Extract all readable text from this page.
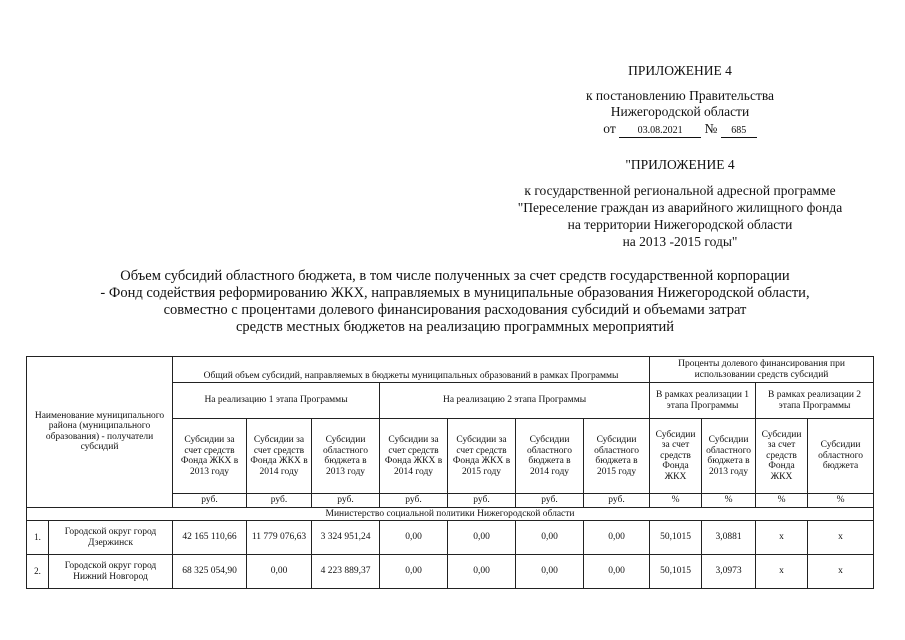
ПРИЛОЖЕНИЕ 4
к постановлению Правительства
Нижегородской области
от 03.08.2021 № 685
"ПРИЛОЖЕНИЕ 4
к государственной региональной адресной программе
"Переселение граждан из аварийного жилищного фонда
на территории Нижегородской области
на 2013 -2015 годы"
Объем субсидий областного бюджета, в том числе полученных за счет средств государственной корпорации
- Фонд содействия реформированию ЖКХ, направляемых в муниципальные образования Нижегородской области,
совместно с процентами долевого финансирования расходования субсидий и объемами затрат
средств местных бюджетов на реализацию программных мероприятий
Наименование муниципального района (муниципального образования) - получатели субсидий		Общий объем субсидий, направляемых в бюджеты муниципальных образований в рамках Программы							Проценты долевого финансирования при использовании средств субсидий			
		На реализацию 1 этапа Программы			На реализацию 2 этапа Программы				В рамках реализации 1 этапа Программы		В рамках реализации 2 этапа Программы	
		Субсидии за счет средств Фонда ЖКХ в 2013 году	Субсидии за счет средств Фонда ЖКХ в 2014 году	Субсидии областного бюджета в 2013 году	Субсидии за счет средств Фонда ЖКХ в 2014 году	Субсидии за счет средств Фонда ЖКХ в 2015 году	Субсидии областного бюджета в 2014 году	Субсидии областного бюджета в 2015 году	Субсидии за счет средств Фонда ЖКХ	Субсидии областного бюджета в 2013 году	Субсидии за счет средств Фонда ЖКХ	Субсидии областного бюджета
		руб.	руб.	руб.	руб.	руб.	руб.	руб.	%	%	%	%
Министерство социальной политики Нижегородской области												
1.	Городской округ город Дзержинск	42 165 110,66	11 779 076,63	3 324 951,24	0,00	0,00	0,00	0,00	50,1015	3,0881	х	х
2.	Городской округ город Нижний Новгород	68 325 054,90	0,00	4 223 889,37	0,00	0,00	0,00	0,00	50,1015	3,0973	х	х
